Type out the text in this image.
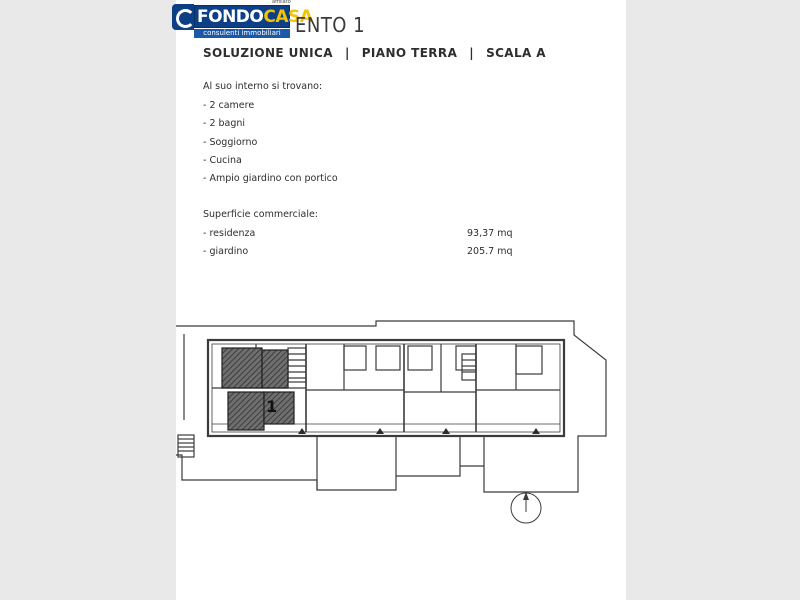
FONDOCASA
consulenti immobiliari
affiliato
ENTO 1
SOLUZIONE UNICA | PIANO TERRA | SCALA A
Al suo interno si trovano:
- 2 camere
- 2 bagni
- Soggiorno
- Cucina
- Ampio giardino con portico
Superficie commerciale:
- residenza	93,37 mq
- giardino	205.7 mq
1
